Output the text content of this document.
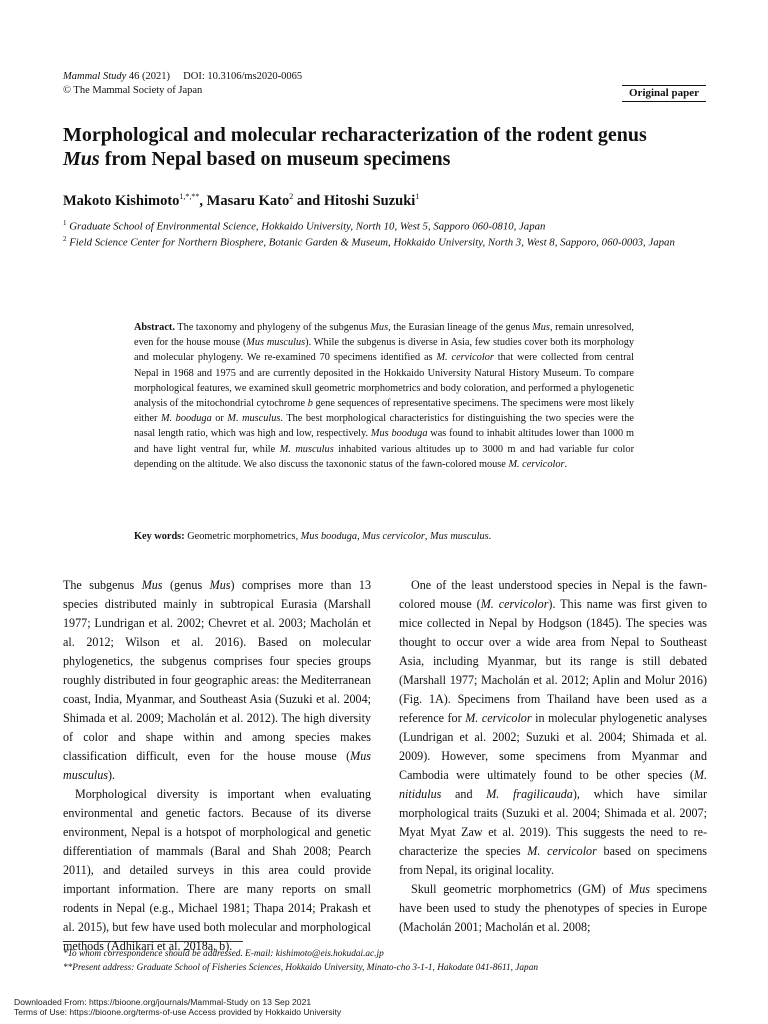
Mammal Study 46 (2021) DOI: 10.3106/ms2020-0065
© The Mammal Society of Japan	Original paper
Morphological and molecular recharacterization of the rodent genus
Mus from Nepal based on museum specimens
Makoto Kishimoto$^{1,*,**}$, Masaru Kato$^2$ and Hitoshi Suzuki$^1$
$^1$ Graduate School of Environmental Science, Hokkaido University, North 10, West 5, Sapporo 060-0810, Japan
$^2$ Field Science Center for Northern Biosphere, Botanic Garden & Museum, Hokkaido University, North 3, West 8, Sapporo, 060-0003, Japan
Abstract. The taxonomy and phylogeny of the subgenus Mus, the Eurasian lineage of the genus Mus, remain unresolved, even for the house mouse (Mus musculus). While the subgenus is diverse in Asia, few studies cover both its morphology and molecular phylogeny. We re-examined 70 specimens identified as M. cervicolor that were collected from central Nepal in 1968 and 1975 and are currently deposited in the Hokkaido University Natural History Museum. To compare morphological features, we examined skull geometric morphometrics and body coloration, and performed a phylogenetic analysis of the mitochondrial cytochrome b gene sequences of representative specimens. The specimens were most likely either M. booduga or M. musculus. The best morphological characteristics for distinguishing the two species were the nasal length ratio, which was high and low, respectively. Mus booduga was found to inhabit altitudes lower than 1000 m and have light ventral fur, while M. musculus inhabited various altitudes up to 3000 m and had variable fur color depending on the altitude. We also discuss the taxononic status of the fawn-colored mouse M. cervicolor.
Key words: Geometric morphometrics, Mus booduga, Mus cervicolor, Mus musculus.

The subgenus Mus (genus Mus) comprises more than 13 species distributed mainly in subtropical Eurasia (Marshall 1977; Lundrigan et al. 2002; Chevret et al. 2003; Macholán et al. 2012; Wilson et al. 2016). Based on molecular phylogenetics, the subgenus comprises four species groups roughly distributed in four geographic areas: the Mediterranean coast, India, Myanmar, and Southeast Asia (Suzuki et al. 2004; Shimada et al. 2009; Macholán et al. 2012). The high diversity of color and shape within and among species makes classification difficult, even for the house mouse (Mus musculus).

Morphological diversity is important when evaluating environmental and genetic factors. Because of its diverse environment, Nepal is a hotspot of morphological and genetic differentiation of mammals (Baral and Shah 2008; Pearch 2011), and detailed surveys in this area could provide important information. There are many reports on small rodents in Nepal (e.g., Michael 1981; Thapa 2014; Prakash et al. 2015), but few have used both molecular and morphological methods (Adhikari et al. 2018a, b).

One of the least understood species in Nepal is the fawn-colored mouse (M. cervicolor). This name was first given to mice collected in Nepal by Hodgson (1845). The species was thought to occur over a wide area from Nepal to Southeast Asia, including Myanmar, but its range is still debated (Marshall 1977; Macholán et al. 2012; Aplin and Molur 2016) (Fig. 1A). Specimens from Thailand have been used as a reference for M. cervicolor in molecular phylogenetic analyses (Lundrigan et al. 2002; Suzuki et al. 2004; Shimada et al. 2009). However, some specimens from Myanmar and Cambodia were ultimately found to be other species (M. nitidulus and M. fragilicauda), which have similar morphological traits (Suzuki et al. 2004; Shimada et al. 2007; Myat Myat Zaw et al. 2019). This suggests the need to re-characterize the species M. cervicolor based on specimens from Nepal, its original locality.

Skull geometric morphometrics (GM) of Mus specimens have been used to study the phenotypes of species in Europe (Macholán 2001; Macholán et al. 2008;

*To whom correspondence should be addressed. E-mail: kishimoto@eis.hokudai.ac.jp
**Present address: Graduate School of Fisheries Sciences, Hokkaido University, Minato-cho 3-1-1, Hakodate 041-8611, Japan
Downloaded From: https://bioone.org/journals/Mammal-Study on 13 Sep 2021
Terms of Use: https://bioone.org/terms-of-use Access provided by Hokkaido University
